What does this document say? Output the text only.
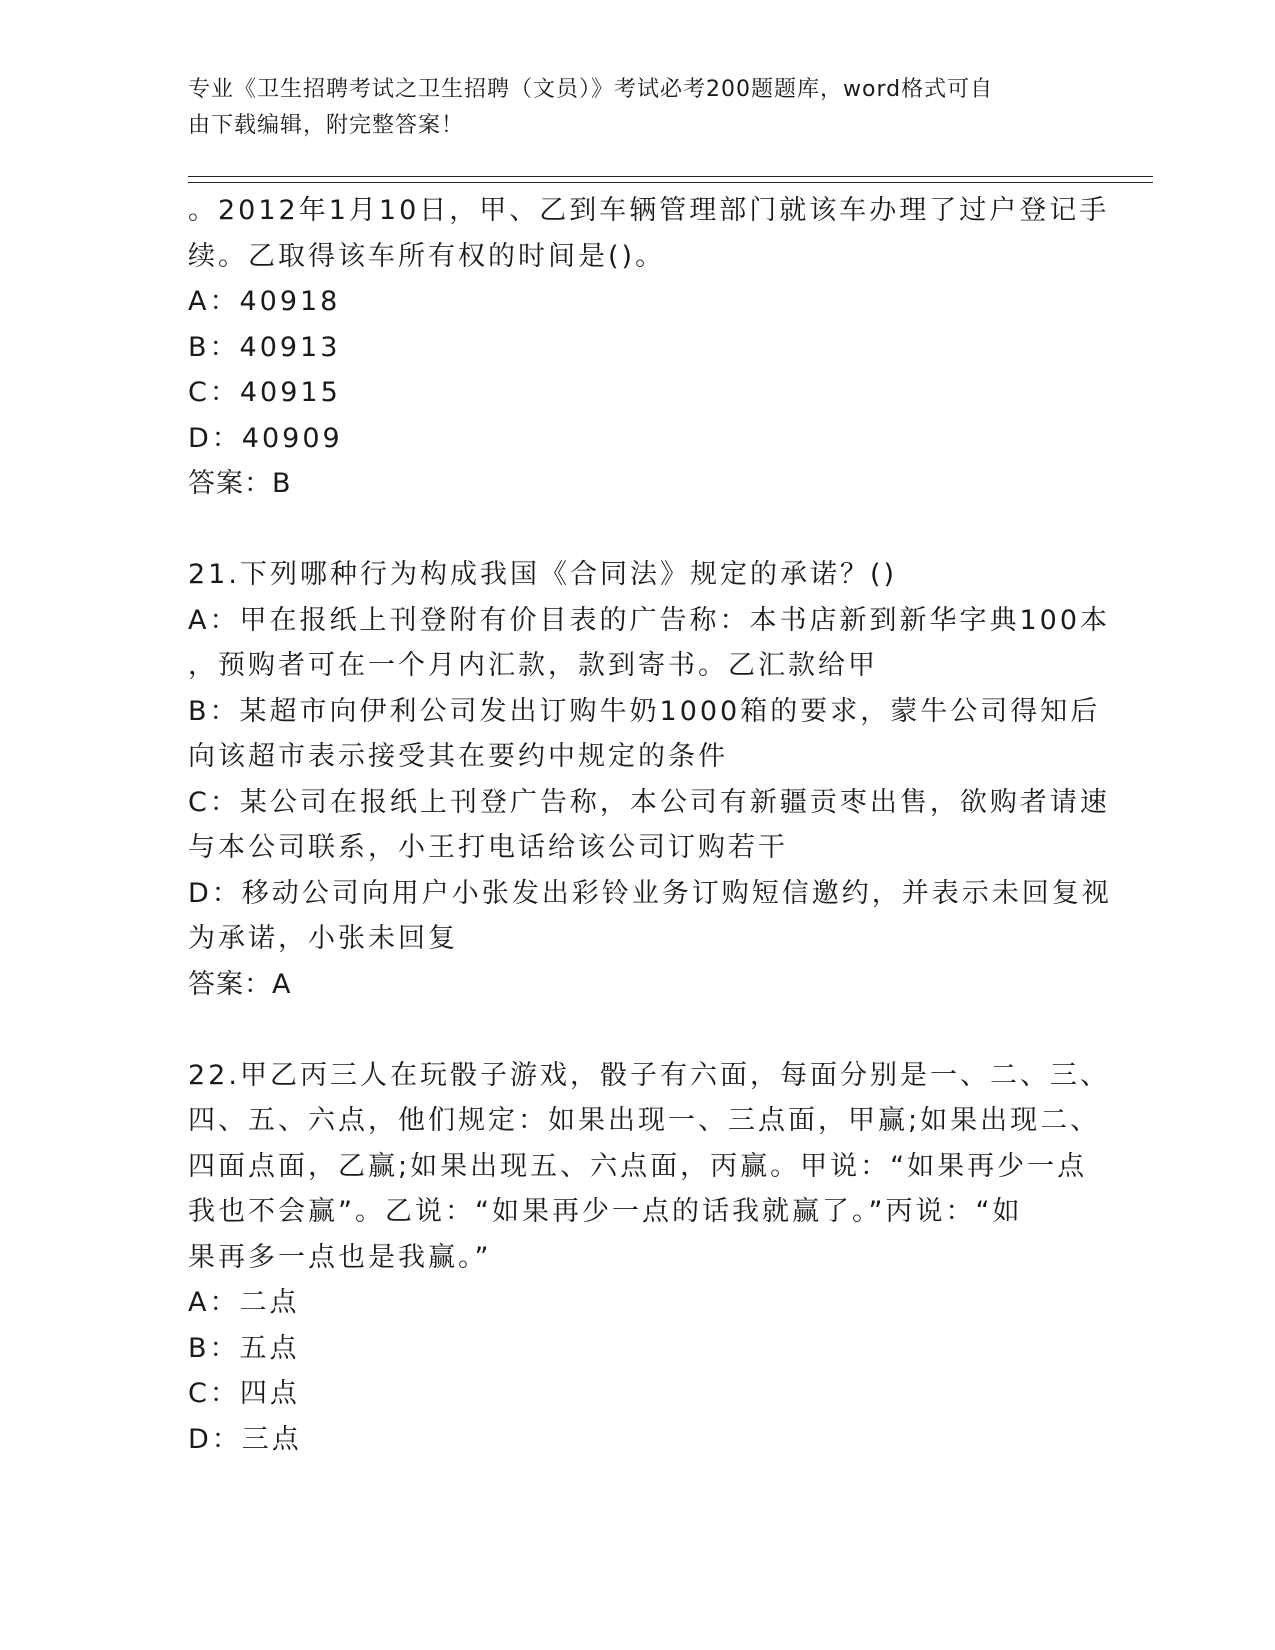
专业《卫生招聘考试之卫生招聘（文员）》考试必考200题题库，word格式可自
由下载编辑，附完整答案！
。2012年1月10日，甲、乙到车辆管理部门就该车办理了过户登记手
续。乙取得该车所有权的时间是()。
A：40918
B：40913
C：40915
D：40909
答案：B
21.下列哪种行为构成我国《合同法》规定的承诺？()
A：甲在报纸上刊登附有价目表的广告称：本书店新到新华字典100本
，预购者可在一个月内汇款，款到寄书。乙汇款给甲
B：某超市向伊利公司发出订购牛奶1000箱的要求，蒙牛公司得知后
向该超市表示接受其在要约中规定的条件
C：某公司在报纸上刊登广告称，本公司有新疆贡枣出售，欲购者请速
与本公司联系，小王打电话给该公司订购若干
D：移动公司向用户小张发出彩铃业务订购短信邀约，并表示未回复视
为承诺，小张未回复
答案：A
22.甲乙丙三人在玩骰子游戏，骰子有六面，每面分别是一、二、三、
四、五、六点，他们规定：如果出现一、三点面，甲赢;如果出现二、
四面点面，乙赢;如果出现五、六点面，丙赢。甲说：“如果再少一点
我也不会赢”。乙说：“如果再少一点的话我就赢了。”丙说：“如
果再多一点也是我赢。”
A：二点
B：五点
C：四点
D：三点
